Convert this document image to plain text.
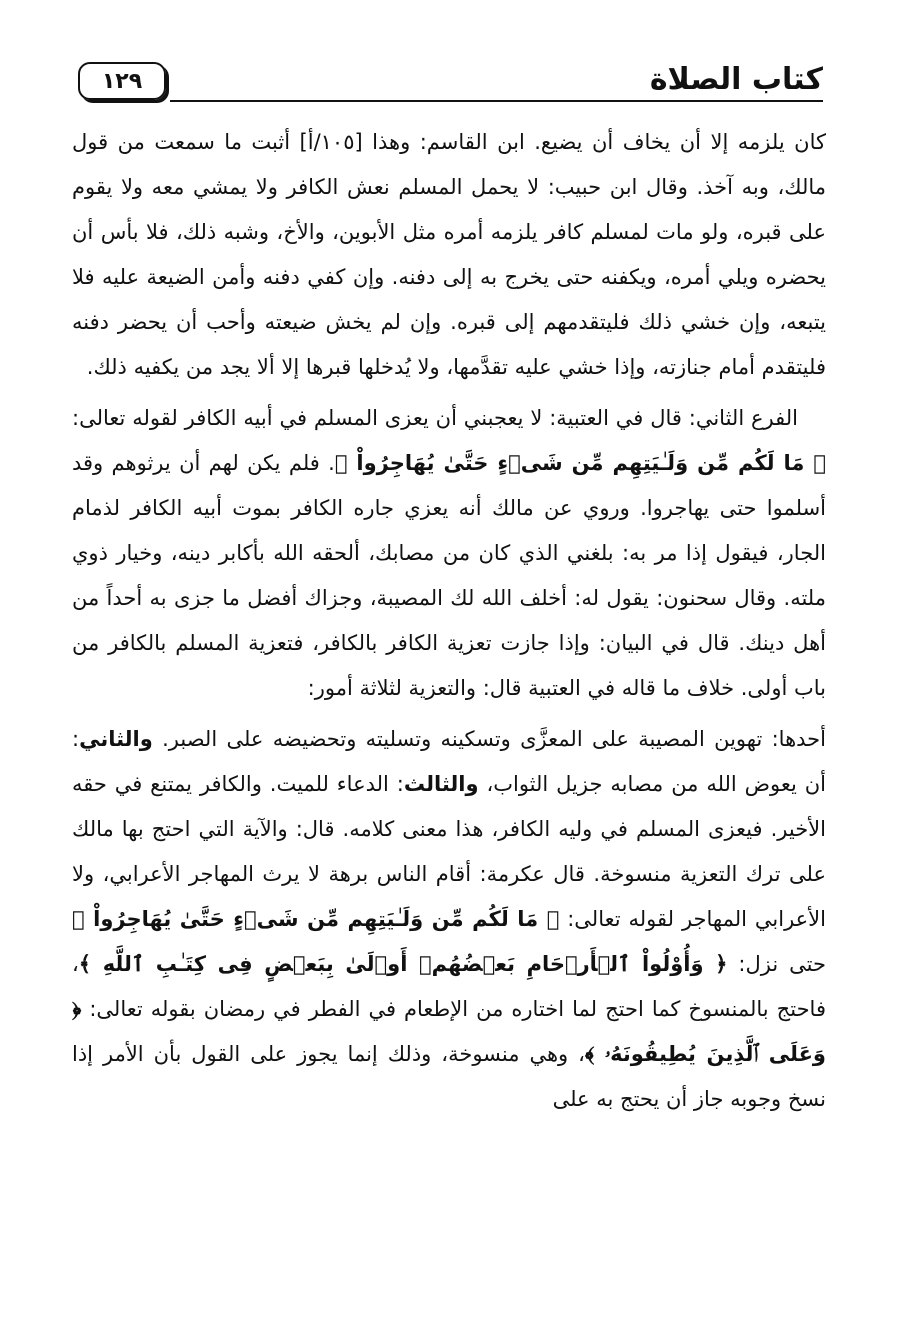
١٢٩	كتاب الصلاة

كان يلزمه إلا أن يخاف أن يضيع. ابن القاسم: وهذا [١٠٥/أ] أثبت ما سمعت من قول مالك، وبه آخذ. وقال ابن حبيب: لا يحمل المسلم نعش الكافر ولا يمشي معه ولا يقوم على قبره، ولو مات لمسلم كافر يلزمه أمره مثل الأبوين، والأخ، وشبه ذلك، فلا بأس أن يحضره ويلي أمره، ويكفنه حتى يخرج به إلى دفنه. وإن كفي دفنه وأمن الضيعة عليه فلا يتبعه، وإن خشي ذلك فليتقدمهم إلى قبره. وإن لم يخش ضيعته وأحب أن يحضر دفنه فليتقدم أمام جنازته، وإذا خشي عليه تقدَّمها، ولا يُدخلها قبرها إلا ألا يجد من يكفيه ذلك.

الفرع الثاني: قال في العتبية: لا يعجبني أن يعزى المسلم في أبيه الكافر لقوله تعالى: ﴿ مَا لَكُم مِّن وَلَـٰيَتِهِم مِّن شَىۡءٍ حَتَّىٰ يُهَاجِرُواْ ﴾. فلم يكن لهم أن يرثوهم وقد أسلموا حتى يهاجروا. وروي عن مالك أنه يعزي جاره الكافر بموت أبيه الكافر لذمام الجار، فيقول إذا مر به: بلغني الذي كان من مصابك، ألحقه الله بأكابر دينه، وخيار ذوي ملته. وقال سحنون: يقول له: أخلف الله لك المصيبة، وجزاك أفضل ما جزى به أحداً من أهل دينك. قال في البيان: وإذا جازت تعزية الكافر بالكافر، فتعزية المسلم بالكافر من باب أولى. خلاف ما قاله في العتبية قال: والتعزية لثلاثة أمور:

أحدها: تهوين المصيبة على المعزَّى وتسكينه وتسليته وتحضيضه على الصبر. والثاني: أن يعوض الله من مصابه جزيل الثواب، والثالث: الدعاء للميت. والكافر يمتنع في حقه الأخير. فيعزى المسلم في وليه الكافر، هذا معنى كلامه. قال: والآية التي احتج بها مالك على ترك التعزية منسوخة. قال عكرمة: أقام الناس برهة لا يرث المهاجر الأعرابي، ولا الأعرابي المهاجر لقوله تعالى: ﴿ مَا لَكُم مِّن وَلَـٰيَتِهِم مِّن شَىۡءٍ حَتَّىٰ يُهَاجِرُواْ ﴾ حتى نزل: ﴿ وَأُوْلُواْ ٱلۡأَرۡحَامِ بَعۡضُهُمۡ أَوۡلَىٰ بِبَعۡضٍ فِى كِتَـٰبِ ٱللَّهِ ﴾، فاحتج بالمنسوخ كما احتج لما اختاره من الإطعام في الفطر في رمضان بقوله تعالى: ﴿ وَعَلَى ٱلَّذِينَ يُطِيقُونَهُۥ ﴾، وهي منسوخة، وذلك إنما يجوز على القول بأن الأمر إذا نسخ وجوبه جاز أن يحتج به على
